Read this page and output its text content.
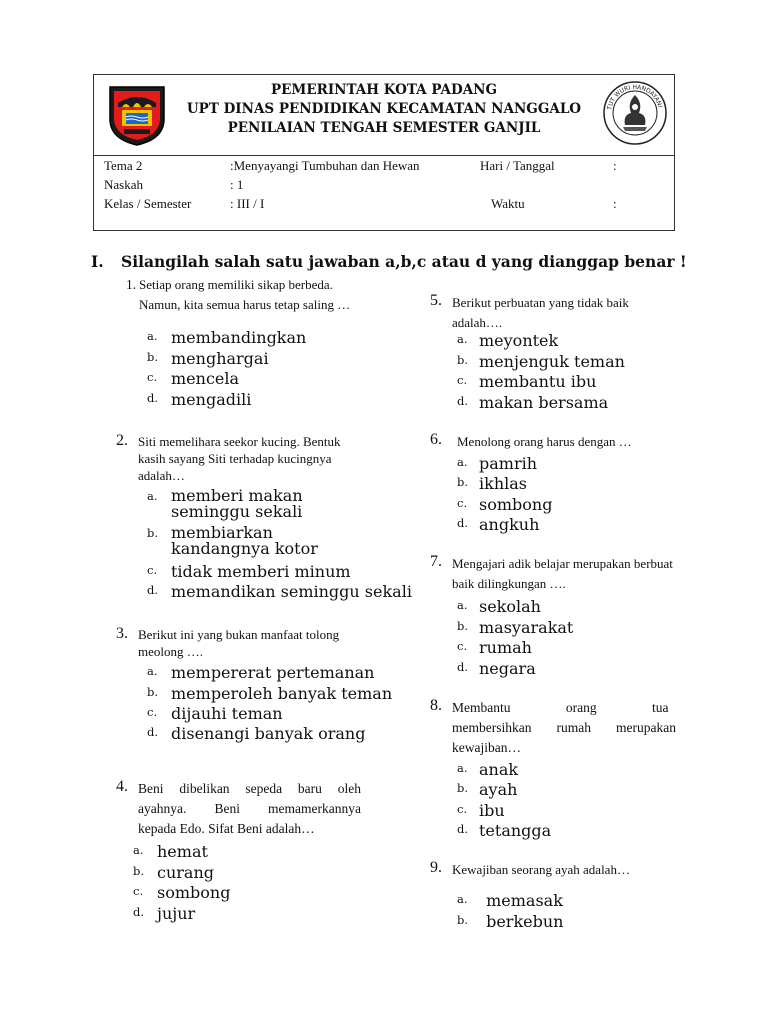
PEMERINTAH KOTA PADANG
UPT DINAS PENDIDIKAN KECAMATAN NANGGALO
PENILAIAN TENGAH SEMESTER GANJIL
TUT WURI HANDAYANI
Tema 2	:Menyayangi Tumbuhan dan Hewan	Hari / Tanggal	:
Naskah	: 1
Kelas / Semester	: III / I	Waktu	:
I. Silangilah salah satu jawaban a,b,c atau d yang dianggap benar !
1. Setiap orang memiliki sikap berbeda. Namun, kita semua harus tetap saling …
a. membandingkan
b. menghargai
c. mencela
d. mengadili
2. Siti memelihara seekor kucing. Bentuk kasih sayang Siti terhadap kucingnya adalah…
a. memberi makan seminggu sekali
b. membiarkan kandangnya kotor
c. tidak memberi minum
d. memandikan seminggu sekali
3. Berikut ini yang bukan manfaat tolong meolong ….
a. mempererat pertemanan
b. memperoleh banyak teman
c. dijauhi teman
d. disenangi banyak orang
4. Beni dibelikan sepeda baru oleh
ayahnya. Beni memamerkannya
kepada Edo. Sifat Beni adalah…
a. hemat
b. curang
c. sombong
d. jujur
5. Berikut perbuatan yang tidak baik adalah….
a. meyontek
b. menjenguk teman
c. membantu ibu
d. makan bersama
6. Menolong orang harus dengan …
a. pamrih
b. ikhlas
c. sombong
d. angkuh
7. Mengajari adik belajar merupakan berbuat baik dilingkungan ….
a. sekolah
b. masyarakat
c. rumah
d. negara
8. Membantu orang tua
membersihkan rumah merupakan
kewajiban…
a. anak
b. ayah
c. ibu
d. tetangga
9. Kewajiban seorang ayah adalah…
a. memasak
b. berkebun
